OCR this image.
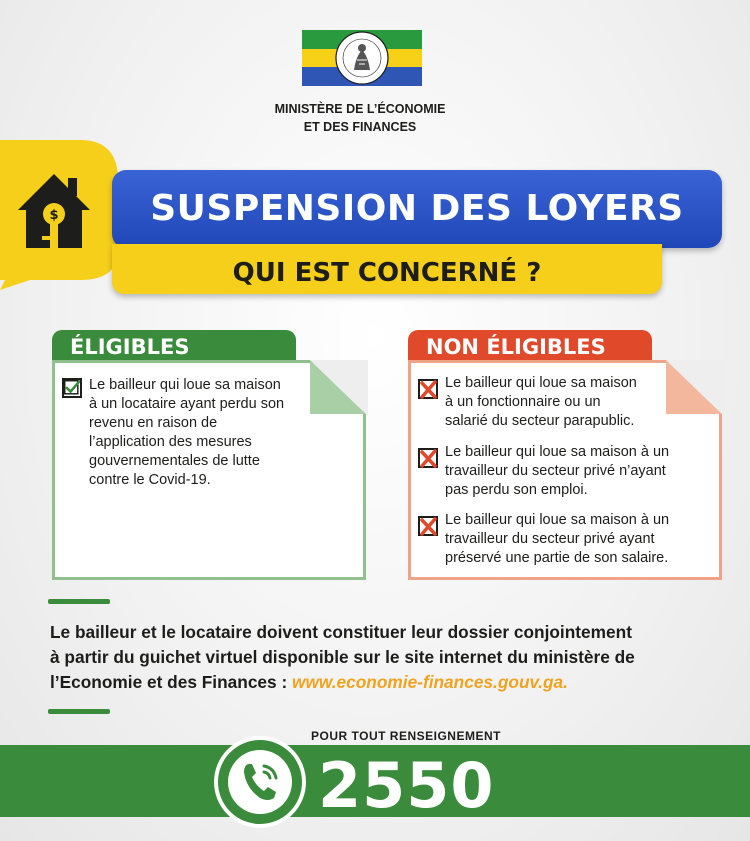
MINISTÈRE DE L’ÉCONOMIE
ET DES FINANCES
$	SUSPENSION DES LOYERS
QUI EST CONCERNÉ ?
ÉLIGIBLES
Le bailleur qui loue sa maison
à un locataire ayant perdu son
revenu en raison de
l’application des mesures
gouvernementales de lutte
contre le Covid-19.
NON ÉLIGIBLES
Le bailleur qui loue sa maison
à un fonctionnaire ou un
salarié du secteur parapublic.
Le bailleur qui loue sa maison à un
travailleur du secteur privé n’ayant
pas perdu son emploi.
Le bailleur qui loue sa maison à un
travailleur du secteur privé ayant
préservé une partie de son salaire.
Le bailleur et le locataire doivent constituer leur dossier conjointement
à partir du guichet virtuel disponible sur le site internet du ministère de
l’Economie et des Finances : www.economie-finances.gouv.ga.
POUR TOUT RENSEIGNEMENT
2550
